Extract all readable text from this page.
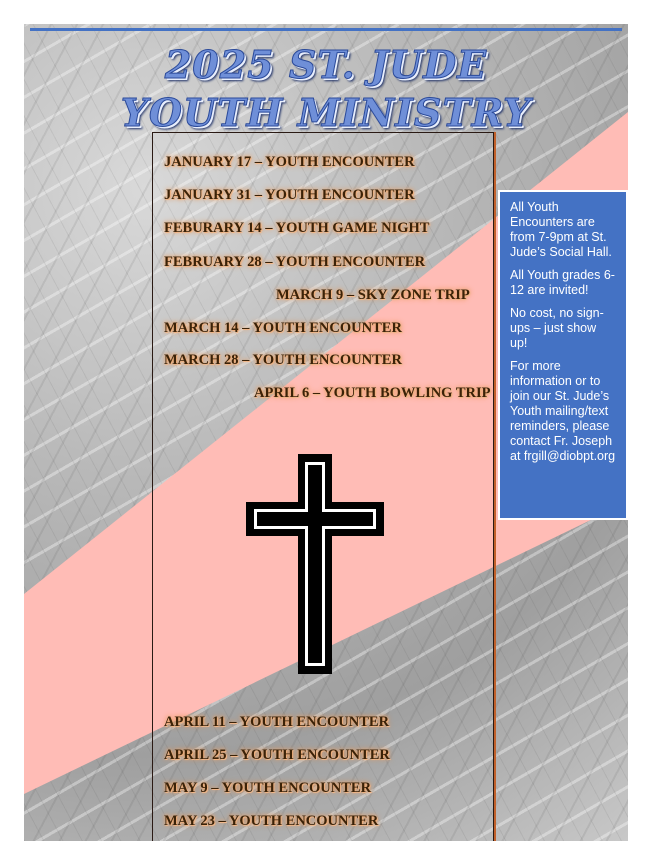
2025 ST. JUDE
YOUTH MINISTRY
JANUARY 17 – YOUTH ENCOUNTER
JANUARY 31 – YOUTH ENCOUNTER
FEBURARY 14 – YOUTH GAME NIGHT
FEBRUARY 28 – YOUTH ENCOUNTER
MARCH 9 – SKY ZONE TRIP
MARCH 14 – YOUTH ENCOUNTER
MARCH 28 – YOUTH ENCOUNTER
APRIL 6 – YOUTH BOWLING TRIP
APRIL 11 – YOUTH ENCOUNTER
APRIL 25 – YOUTH ENCOUNTER
MAY 9 – YOUTH ENCOUNTER
MAY 23 – YOUTH ENCOUNTER

All Youth Encounters are from 7-9pm at St. Jude’s Social Hall.

All Youth grades 6-12 are invited!

No cost, no sign-ups – just show up!

For more information or to join our St. Jude’s Youth mailing/text reminders, please contact Fr. Joseph at frgill@diobpt.org
